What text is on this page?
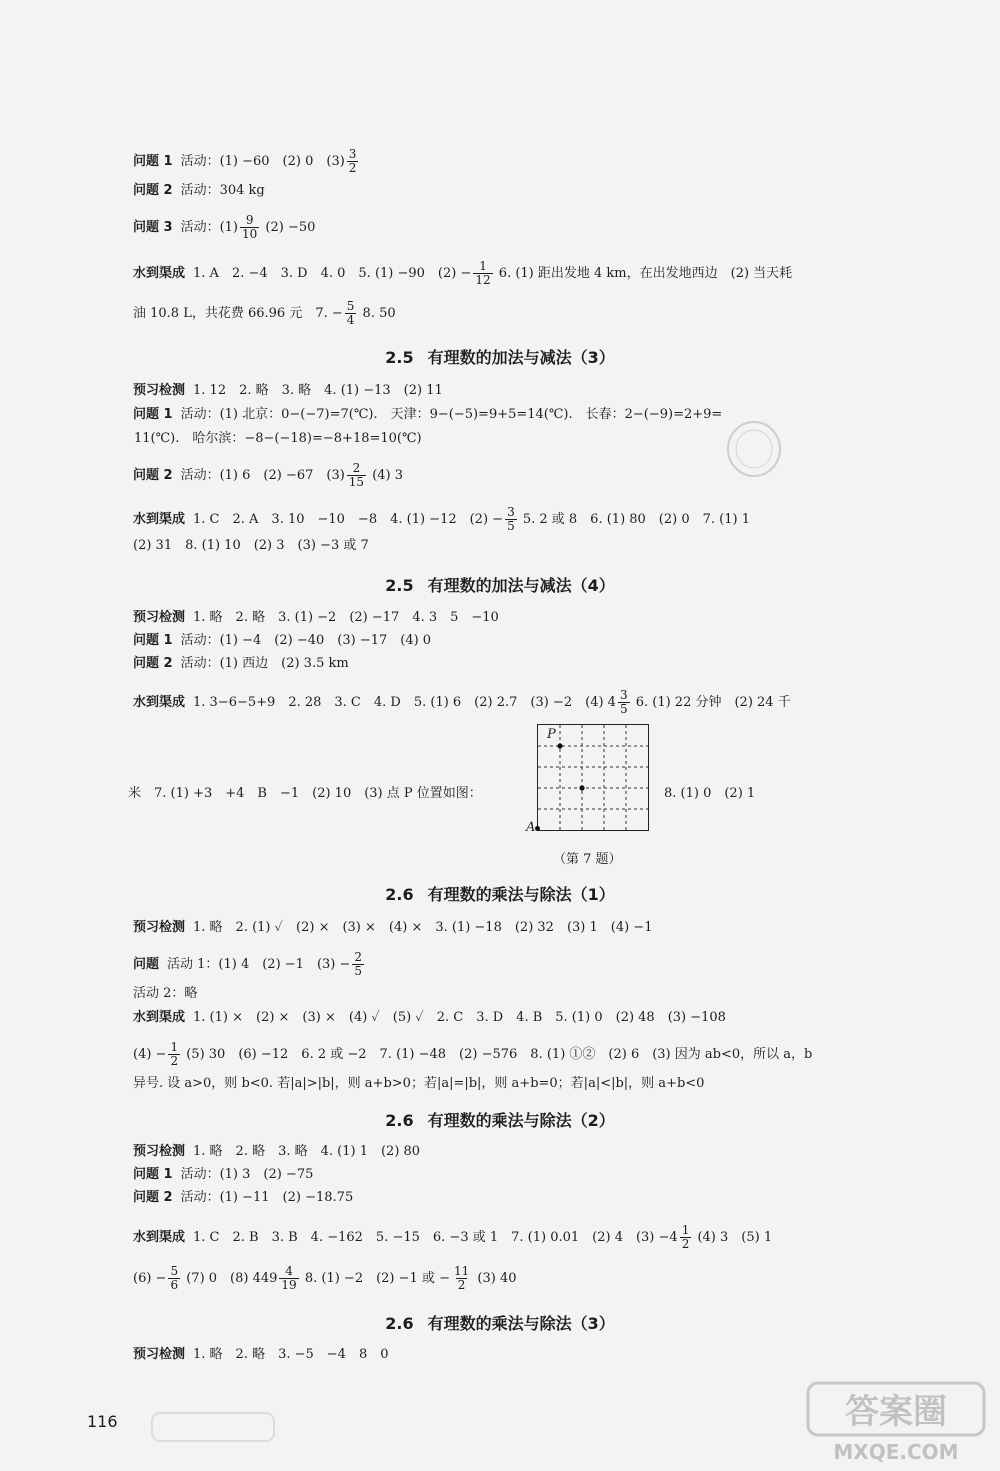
问题 1 活动：(1) −60　(2) 0　$(3) \frac{3}{2}$
问题 2 活动：304 kg
问题 3 活动：$(1) \frac{9}{10} (2) -50$
水到渠成 1. A　2. −4　3. D　4. 0　5. (1) −90　$(2) - \frac{1}{12} 6$. (1) 距出发地 4 km，在出发地西边　(2) 当天耗
油 10.8 L，共花费 66.96 元　7. − $\frac{5}{4} 8$. 50
2.5 有理数的加法与减法（3）
预习检测 1. 12　2. 略　3. 略　4. (1) −13　(2) 11
问题 1 活动：(1) 北京：0−(−7)=7(℃).　天津：9−(−5)=9+5=14(℃).　长春：2−(−9)=2+9=
11(℃).　哈尔滨：−8−(−18)=−8+18=10(℃)
问题 2 活动：(1) 6　(2) −67　$(3) \frac{2}{15} (4)$ 3
水到渠成 1. C　2. A　3. 10　−10　−8　4. (1) −12　$(2) - \frac{3}{5} 5$. 2 或 8　6. (1) 80　(2) 0　7. (1) 1
(2) 31　8. (1) 10　(2) 3　(3) −3 或 7
2.5 有理数的加法与减法（4）
预习检测 1. 略　2. 略　3. (1) −2　(2) −17　4. 3　5　−10
问题 1 活动：(1) −4　(2) −40　(3) −17　(4) 0
问题 2 活动：(1) 西边　(2) 3.5 km
水到渠成 1. 3−6−5+9　2. 28　3. C　4. D　5. (1) 6　(2) 2.7　(3) −2　(4) $4 \frac{3}{5} 6$. (1) 22 分钟　(2) 24 千
米　7. (1) +3　+4　B　−1　(2) 10　(3) 点 P 位置如图：	8. (1) 0　(2) 1
P
A
（第 7 题）
2.6 有理数的乘法与除法（1）
预习检测 1. 略　2. (1) ✓　(2) ×　(3) ×　(4) ×　3. (1) −18　(2) 32　(3) 1　(4) −1
问题 活动 1：(1) 4　(2) −1　$(3) - \frac{2}{5}$
活动 2：略
水到渠成 1. (1) ×　(2) ×　(3) ×　(4) ✓　(5) ✓　2. C　3. D　4. B　5. (1) 0　(2) 48　(3) −108
$(4) - \frac{1}{2} (5)$ 30　(6) −12　6. 2 或 −2　7. (1) −48　(2) −576　8. (1) ①②　(2) 6　(3) 因为 ab<0，所以 a，b
异号. 设 a>0，则 b<0. 若|a|>|b|，则 a+b>0；若|a|=|b|，则 a+b=0；若|a|<|b|，则 a+b<0
2.6 有理数的乘法与除法（2）
预习检测 1. 略　2. 略　3. 略　4. (1) 1　(2) 80
问题 1 活动：(1) 3　(2) −75
问题 2 活动：(1) −11　(2) −18.75
水到渠成 1. C　2. B　3. B　4. −162　5. −15　6. −3 或 1　7. (1) 0.01　(2) 4　$(3) -4 \frac{1}{2} (4)$ 3　(5) 1
$(6) - \frac{5}{6} (7)$ 0　(8) $449 \frac{4}{19} 8$. (1) −2　(2) −1 或 − $\frac{11}{2} (3)$ 40
2.6 有理数的乘法与除法（3）
预习检测 1. 略　2. 略　3. −5　−4　8　0
116	答案圈
MXQE.COM
